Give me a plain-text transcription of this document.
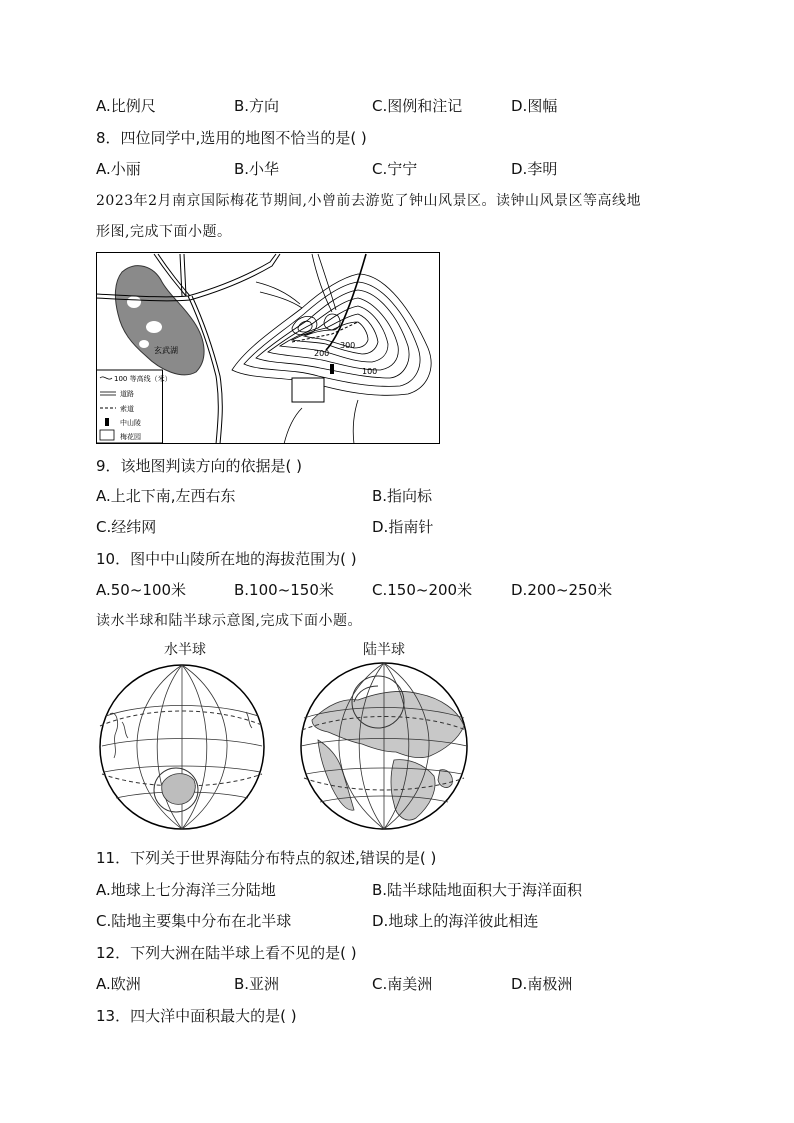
A.比例尺	B.方向	C.图例和注记	D.图幅
8．四位同学中,选用的地图不恰当的是( )
A.小丽	B.小华	C.宁宁	D.李明
2023年2月南京国际梅花节期间,小曾前去游览了钟山风景区。读钟山风景区等高线地
形图,完成下面小题。
玄武湖
300
200
100
100 等高线（米）
道路
索道
中山陵
梅花园
9．该地图判读方向的依据是( )
A.上北下南,左西右东	B.指向标
C.经纬网	D.指南针
10．图中中山陵所在地的海拔范围为( )
A.50~100米	B.100~150米	C.150~200米	D.200~250米
读水半球和陆半球示意图,完成下面小题。
水半球	陆半球
11．下列关于世界海陆分布特点的叙述,错误的是( )
A.地球上七分海洋三分陆地	B.陆半球陆地面积大于海洋面积
C.陆地主要集中分布在北半球	D.地球上的海洋彼此相连
12．下列大洲在陆半球上看不见的是( )
A.欧洲	B.亚洲	C.南美洲	D.南极洲
13．四大洋中面积最大的是( )
